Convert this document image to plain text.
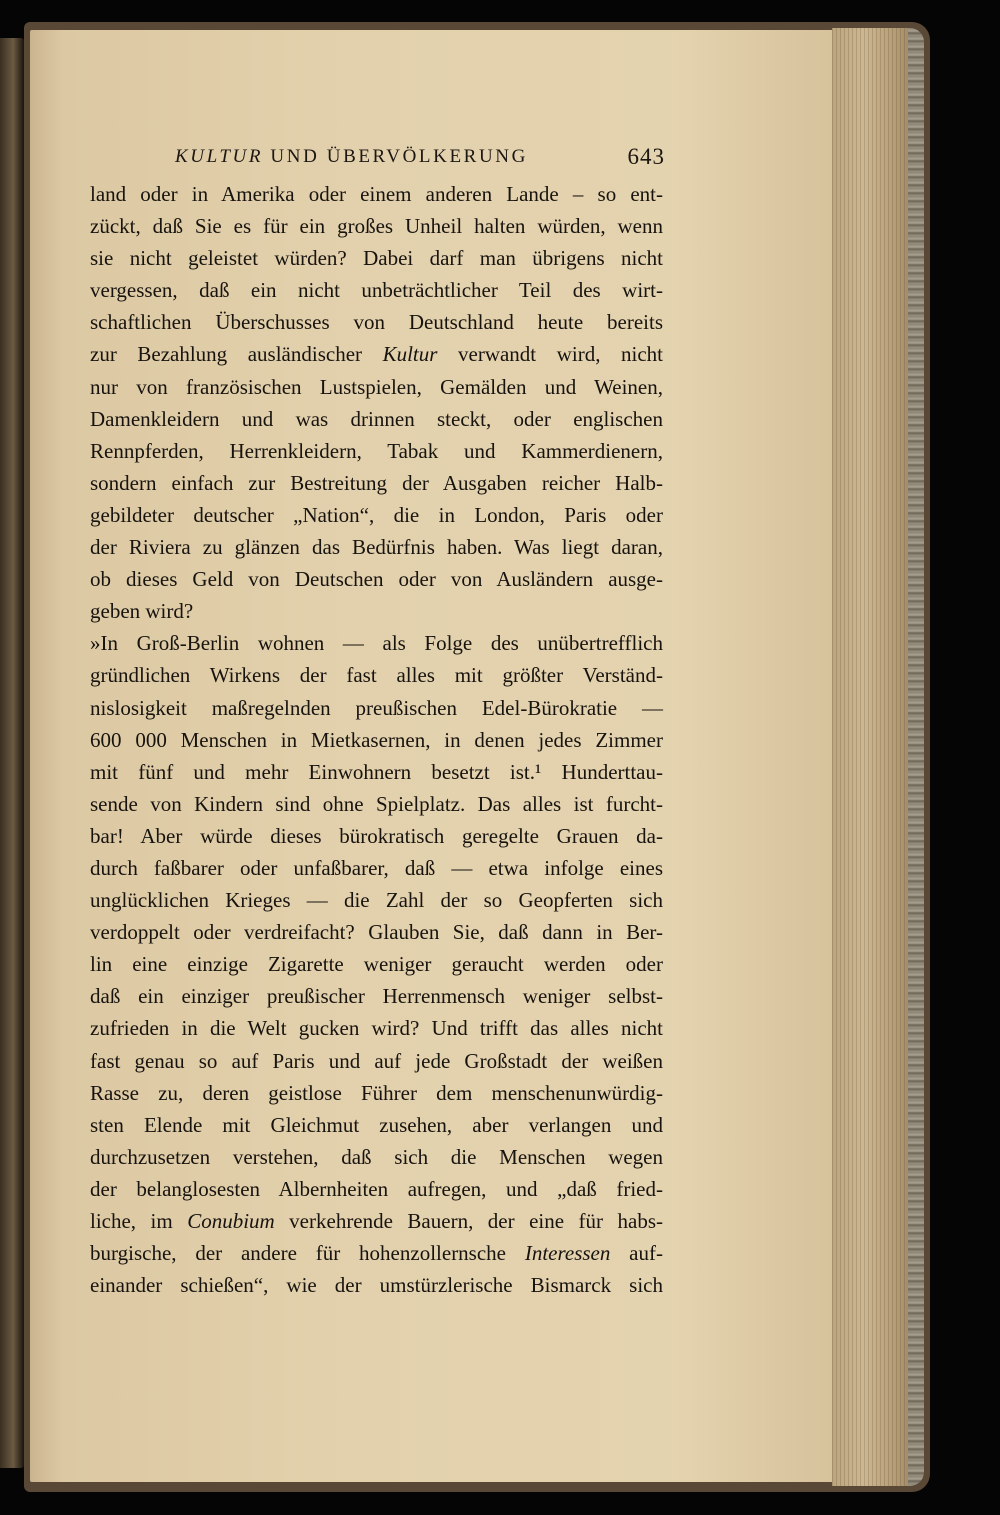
KULTUR UND ÜBERVÖLKERUNG	643
land oder in Amerika oder einem anderen Lande – so ent-
zückt, daß Sie es für ein großes Unheil halten würden, wenn
sie nicht geleistet würden? Dabei darf man übrigens nicht
vergessen, daß ein nicht unbeträchtlicher Teil des wirt-
schaftlichen Überschusses von Deutschland heute bereits
zur Bezahlung ausländischer Kultur verwandt wird, nicht
nur von französischen Lustspielen, Gemälden und Weinen,
Damenkleidern und was drinnen steckt, oder englischen
Rennpferden, Herrenkleidern, Tabak und Kammerdienern,
sondern einfach zur Bestreitung der Ausgaben reicher Halb-
gebildeter deutscher „Nation“, die in London, Paris oder
der Riviera zu glänzen das Bedürfnis haben. Was liegt daran,
ob dieses Geld von Deutschen oder von Ausländern ausge-
geben wird?
»In Groß-Berlin wohnen — als Folge des unübertrefflich
gründlichen Wirkens der fast alles mit größter Verständ-
nislosigkeit maßregelnden preußischen Edel-Bürokratie —
600 000 Menschen in Mietkasernen, in denen jedes Zimmer
mit fünf und mehr Einwohnern besetzt ist.¹ Hunderttau-
sende von Kindern sind ohne Spielplatz. Das alles ist furcht-
bar! Aber würde dieses bürokratisch geregelte Grauen da-
durch faßbarer oder unfaßbarer, daß — etwa infolge eines
unglücklichen Krieges — die Zahl der so Geopferten sich
verdoppelt oder verdreifacht? Glauben Sie, daß dann in Ber-
lin eine einzige Zigarette weniger geraucht werden oder
daß ein einziger preußischer Herrenmensch weniger selbst-
zufrieden in die Welt gucken wird? Und trifft das alles nicht
fast genau so auf Paris und auf jede Großstadt der weißen
Rasse zu, deren geistlose Führer dem menschenunwürdig-
sten Elende mit Gleichmut zusehen, aber verlangen und
durchzusetzen verstehen, daß sich die Menschen wegen
der belanglosesten Albernheiten aufregen, und „daß fried-
liche, im Conubium verkehrende Bauern, der eine für habs-
burgische, der andere für hohenzollernsche Interessen auf-
einander schießen“, wie der umstürzlerische Bismarck sich
